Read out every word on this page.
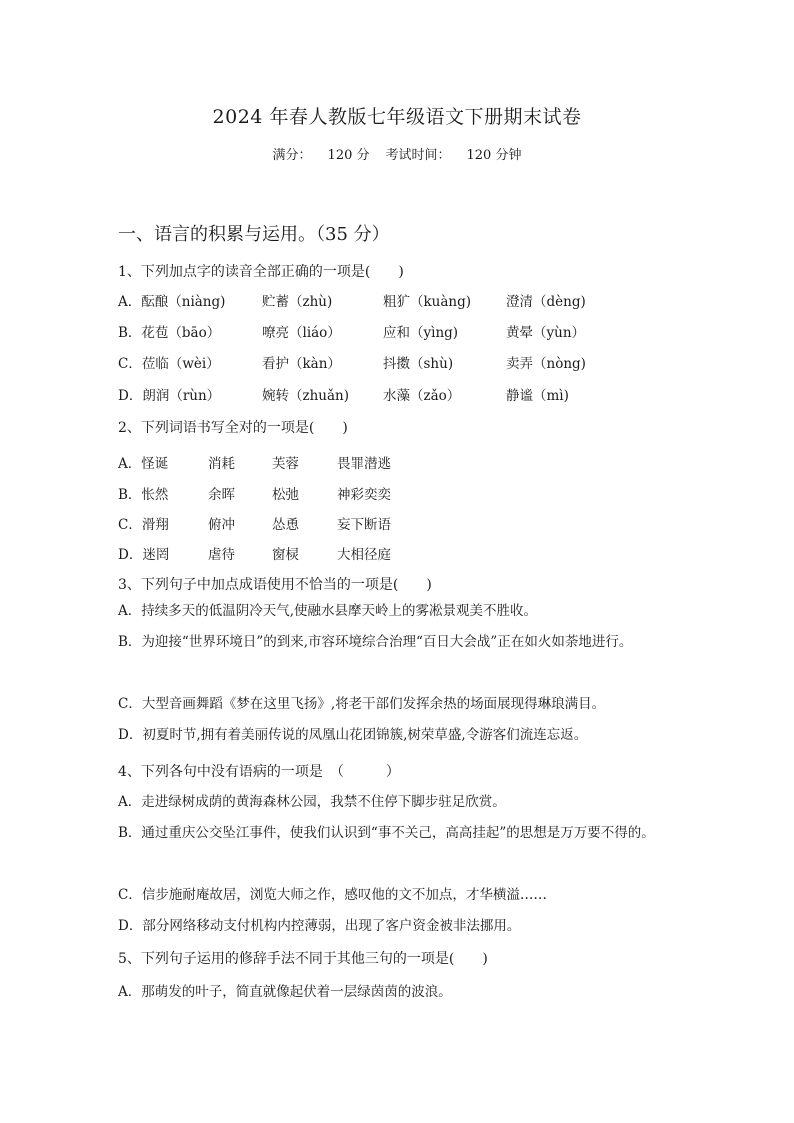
2024 年春人教版七年级语文下册期末试卷
满分： 120 分 考试时间： 120 分钟
一、语言的积累与运用。（35 分）
1、下列加点字的读音全部正确的一项是(　　)
A．酝酿（niàng)	贮蓄（zhù)	粗犷（kuàng)	澄清（dèng)
B．花苞（bāo）	嘹亮（liáo）	应和（yìng)	黄晕（yùn）
C．莅临（wèi）	看护（kàn）	抖擞（shù)	卖弄（nòng)
D．朗润（rùn）	婉转（zhuǎn)	水藻（zǎo）	静谧（mì)
2、下列词语书写全对的一项是(　　)
A．怪诞	消耗	芙蓉	畏罪潜逃
B．怅然	余晖	松弛	神彩奕奕
C．滑翔	俯冲	怂恿	妄下断语
D．迷罔	虐待	窗棂	大相径庭
3、下列句子中加点成语使用不恰当的一项是(　　)
A．持续多天的低温阴冷天气,使融水县摩天岭上的雾凇景观美不胜收。
B．为迎接“世界环境日”的到来,市容环境综合治理“百日大会战”正在如火如荼地进行。
C．大型音画舞蹈《梦在这里飞扬》,将老干部们发挥余热的场面展现得琳琅满目。
D．初夏时节,拥有着美丽传说的凤凰山花团锦簇,树荣草盛,令游客们流连忘返。
4、下列各句中没有语病的一项是　（　　　）
A．走进绿树成荫的黄海森林公园，我禁不住停下脚步驻足欣赏。
B．通过重庆公交坠江事件，使我们认识到“事不关己，高高挂起”的思想是万万要不得的。
C．信步施耐庵故居，浏览大师之作，感叹他的文不加点，才华横溢……
D．部分网络移动支付机构内控薄弱，出现了客户资金被非法挪用。
5、下列句子运用的修辞手法不同于其他三句的一项是(　　)
A．那萌发的叶子，简直就像起伏着一层绿茵茵的波浪。
